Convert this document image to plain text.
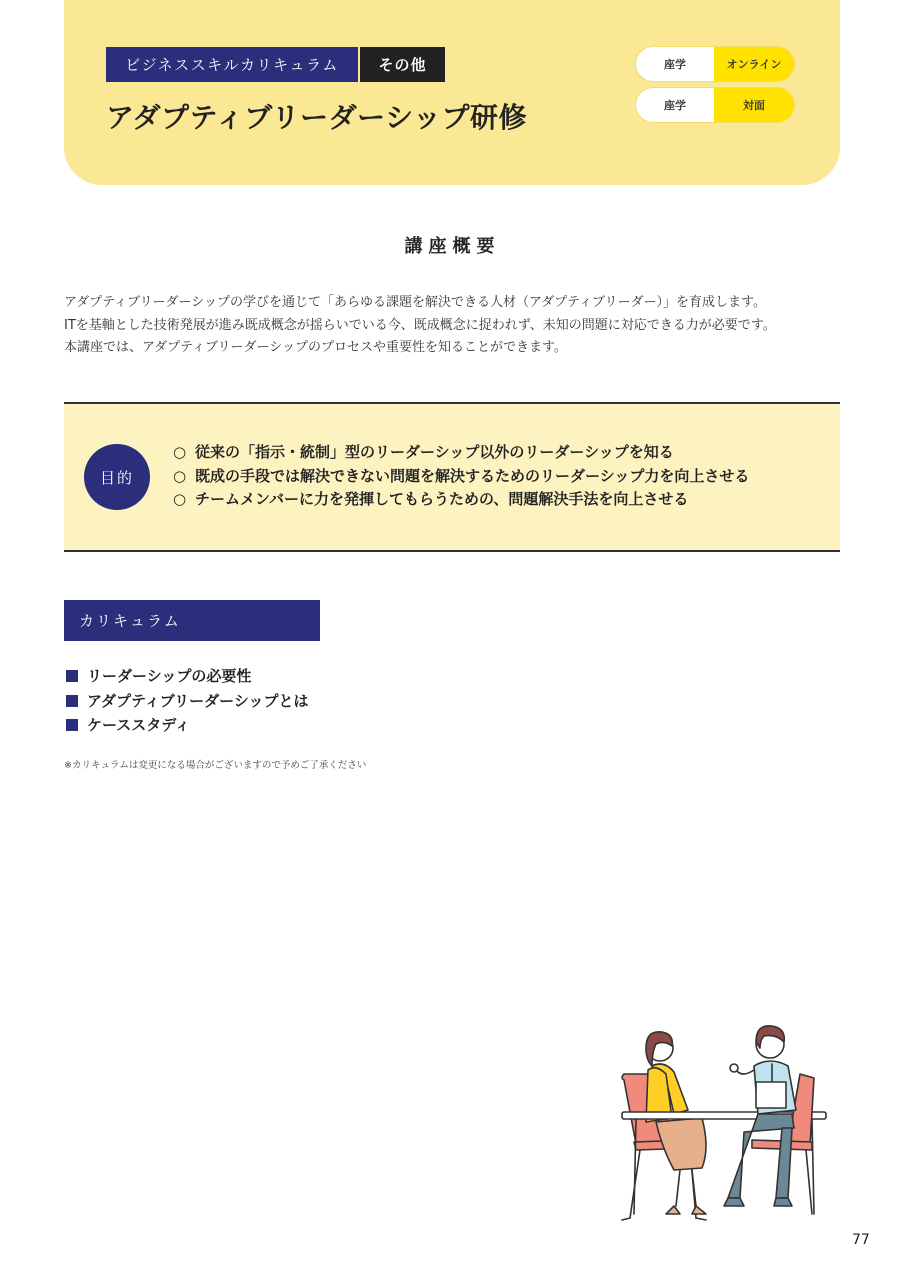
ビジネススキルカリキュラム	その他
アダプティブリーダーシップ研修
座学	オンライン
座学	対面
講座概要
アダプティブリーダーシップの学びを通じて「あらゆる課題を解決できる人材（アダプティブリーダー）」を育成します。
ITを基軸とした技術発展が進み既成概念が揺らいでいる今、既成概念に捉われず、未知の問題に対応できる力が必要です。
本講座では、アダプティブリーダーシップのプロセスや重要性を知ることができます。
目的
○ 従来の「指示・統制」型のリーダーシップ以外のリーダーシップを知る
○ 既成の手段では解決できない問題を解決するためのリーダーシップ力を向上させる
○ チームメンバーに力を発揮してもらうための、問題解決手法を向上させる
カリキュラム
リーダーシップの必要性
アダプティブリーダーシップとは
ケーススタディ
※カリキュラムは変更になる場合がございますので予めご了承ください
77
